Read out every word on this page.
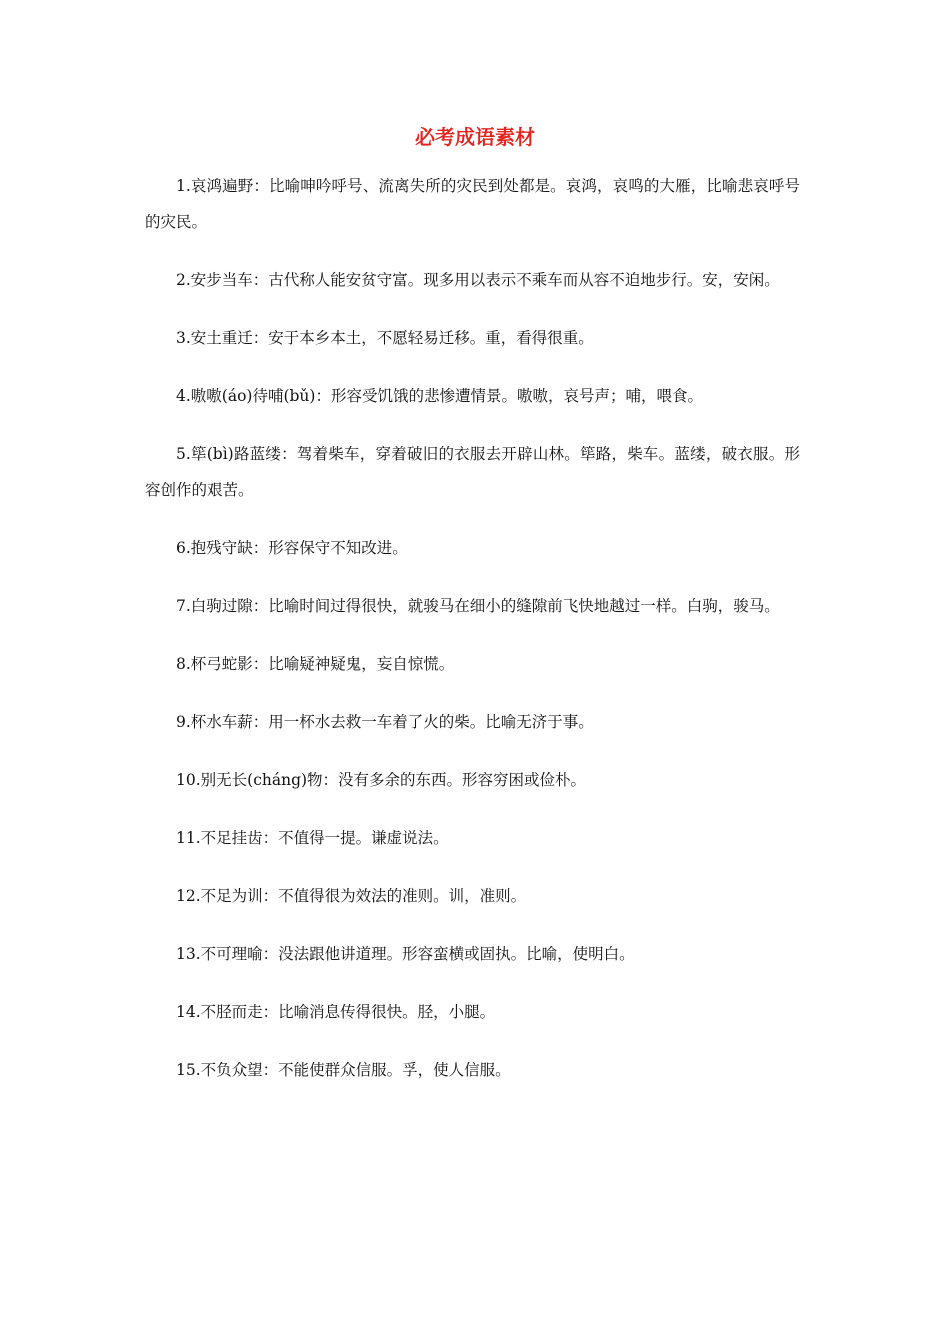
必考成语素材

1.哀鸿遍野：比喻呻吟呼号、流离失所的灾民到处都是。哀鸿，哀鸣的大雁，比喻悲哀呼号的灾民。

2.安步当车：古代称人能安贫守富。现多用以表示不乘车而从容不迫地步行。安，安闲。

3.安土重迁：安于本乡本土，不愿轻易迁移。重，看得很重。

4.嗷嗷(áo)待哺(bǔ)：形容受饥饿的悲惨遭情景。嗷嗷，哀号声；哺，喂食。

5.筚(bì)路蓝缕：驾着柴车，穿着破旧的衣服去开辟山林。筚路，柴车。蓝缕，破衣服。形容创作的艰苦。

6.抱残守缺：形容保守不知改进。

7.白驹过隙：比喻时间过得很快，就骏马在细小的缝隙前飞快地越过一样。白驹，骏马。

8.杯弓蛇影：比喻疑神疑鬼，妄自惊慌。

9.杯水车薪：用一杯水去救一车着了火的柴。比喻无济于事。

10.别无长(cháng)物：没有多余的东西。形容穷困或俭朴。

11.不足挂齿：不值得一提。谦虚说法。

12.不足为训：不值得很为效法的准则。训，准则。

13.不可理喻：没法跟他讲道理。形容蛮横或固执。比喻，使明白。

14.不胫而走：比喻消息传得很快。胫，小腿。

15.不负众望：不能使群众信服。孚，使人信服。
